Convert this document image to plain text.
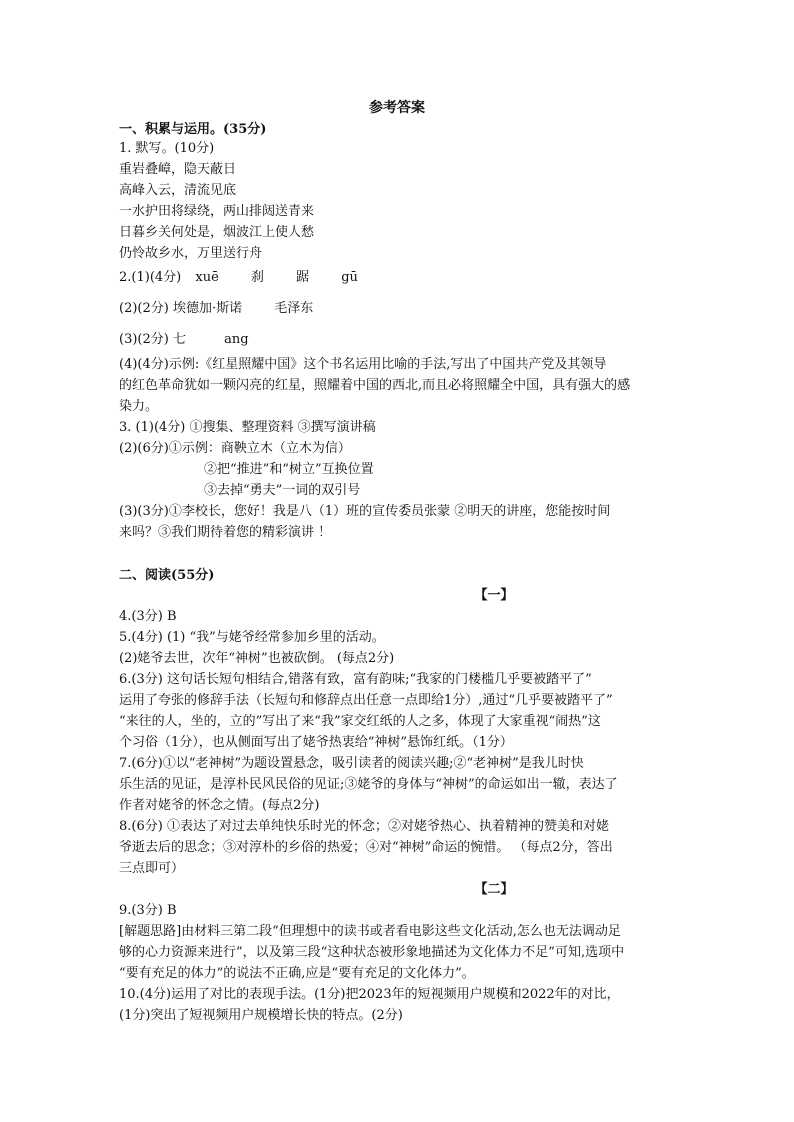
参考答案
一、积累与运用。(35分)
1. 默写。(10分)
重岩叠嶂，隐天蔽日
高峰入云，清流见底
一水护田将绿绕，两山排闼送青来
日暮乡关何处是，烟波江上使人愁
仍怜故乡水，万里送行舟
2.(1)(4分) xuē 刹 踞 gū
(2)(2分) 埃德加·斯诺 毛泽东
(3)(2分) 七	ang
(4)(4分)示例:《红星照耀中国》这个书名运用比喻的手法,写出了中国共产党及其领导
的红色革命犹如一颗闪亮的红星，照耀着中国的西北,而且必将照耀全中国，具有强大的感
染力。
3. (1)(4分) ①搜集、整理资料 ③撰写演讲稿
(2)(6分)①示例：商鞅立木（立木为信）
②把“推进”和“树立”互换位置
③去掉“勇夫”一词的双引号
(3)(3分)①李校长，您好！我是八（1）班的宣传委员张蒙 ②明天的讲座，您能按时间
来吗？③我们期待着您的精彩演讲 ！
二、阅读(55分)
【一】
4.(3分) B
5.(4分) (1) “我”与姥爷经常参加乡里的活动。
(2)姥爷去世，次年“神树”也被砍倒。 (每点2分)
6.(3分) 这句话长短句相结合,错落有致，富有韵味;“我家的门楼槛几乎要被踏平了”
运用了夸张的修辞手法（长短句和修辞点出任意一点即给1分）,通过“几乎要被踏平了”
“来往的人，坐的，立的”写出了来“我”家交红纸的人之多，体现了大家重视“闹热”这
个习俗（1分），也从侧面写出了姥爷热衷给“神树”悬饰红纸。（1分）
7.(6分)①以“老神树”为题设置悬念，吸引读者的阅读兴趣;②“老神树”是我儿时快
乐生活的见证，是淳朴民风民俗的见证;③姥爷的身体与“神树”的命运如出一辙，表达了
作者对姥爷的怀念之情。(每点2分)
8.(6分) ①表达了对过去单纯快乐时光的怀念；②对姥爷热心、执着精神的赞美和对姥
爷逝去后的思念；③对淳朴的乡俗的热爱；④对“神树”命运的惋惜。 （每点2分，答出
三点即可）
【二】
9.(3分) B
[解题思路]由材料三第二段“但理想中的读书或者看电影这些文化活动,怎么也无法调动足
够的心力资源来进行”，以及第三段“这种状态被形象地描述为文化体力不足”可知,选项中
“要有充足的体力”的说法不正确,应是“要有充足的文化体力”。
10.(4分)运用了对比的表现手法。(1分)把2023年的短视频用户规模和2022年的对比，
(1分)突出了短视频用户规模增长快的特点。(2分)
